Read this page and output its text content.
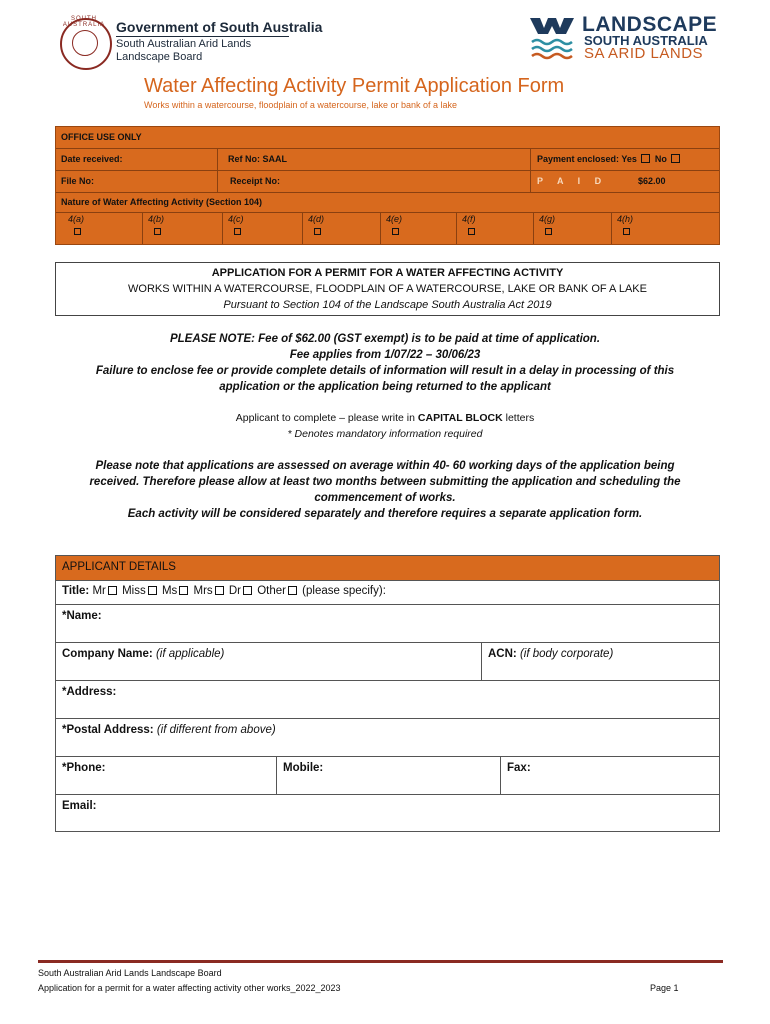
SOUTH AUSTRALIA Government of South Australia
South Australian Arid Lands
Landscape Board
LANDSCAPE
SOUTH AUSTRALIA
SA ARID LANDS
Water Affecting Activity Permit Application Form
Works within a watercourse, floodplain of a watercourse, lake or bank of a lake
OFFICE USE ONLY
Date received:	Ref No: SAAL	Payment enclosed: Yes No
File No:	Receipt No:	P A I D	$62.00
Nature of Water Affecting Activity (Section 104)
4(a)	4(b)	4(c)	4(d)	4(e)	4(f)	4(g)	4(h)
APPLICATION FOR A PERMIT FOR A WATER AFFECTING ACTIVITY
WORKS WITHIN A WATERCOURSE, FLOODPLAIN OF A WATERCOURSE, LAKE OR BANK OF A LAKE
Pursuant to Section 104 of the Landscape South Australia Act 2019
PLEASE NOTE: Fee of $62.00 (GST exempt) is to be paid at time of application.
Fee applies from 1/07/22 – 30/06/23
Failure to enclose fee or provide complete details of information will result in a delay in processing of this
application or the application being returned to the applicant
Applicant to complete – please write in CAPITAL BLOCK letters
* Denotes mandatory information required
Please note that applications are assessed on average within 40- 60 working days of the application being
received. Therefore please allow at least two months between submitting the application and scheduling the
commencement of works.
Each activity will be considered separately and therefore requires a separate application form.
APPLICANT DETAILS
Title: Mr Miss Ms Mrs Dr Other (please specify):
*Name:
Company Name: (if applicable)	ACN: (if body corporate)
*Address:
*Postal Address: (if different from above)
*Phone:	Mobile:	Fax:
Email:
South Australian Arid Lands Landscape Board
Application for a permit for a water affecting activity other works_2022_2023	Page 1
